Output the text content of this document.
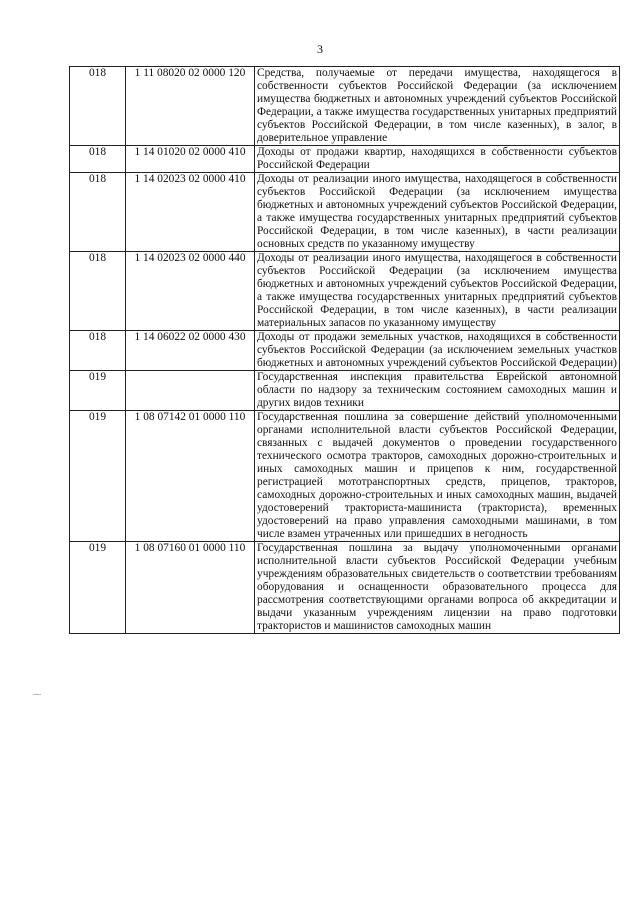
3
018	1 11 08020 02 0000 120	Средства, получаемые от передачи имущества, находящегося в собственности субъектов Российской Федерации (за исключением имущества бюджетных и автономных учреждений субъектов Российской Федерации, а также имущества государственных унитарных предприятий субъектов Российской Федерации, в том числе казенных), в залог, в доверительное управление
018	1 14 01020 02 0000 410	Доходы от продажи квартир, находящихся в собственности субъектов Российской Федерации
018	1 14 02023 02 0000 410	Доходы от реализации иного имущества, находящегося в собственности субъектов Российской Федерации (за исключением имущества бюджетных и автономных учреждений субъектов Российской Федерации, а также имущества государственных унитарных предприятий субъектов Российской Федерации, в том числе казенных), в части реализации основных средств по указанному имуществу
018	1 14 02023 02 0000 440	Доходы от реализации иного имущества, находящегося в собственности субъектов Российской Федерации (за исключением имущества бюджетных и автономных учреждений субъектов Российской Федерации, а также имущества государственных унитарных предприятий субъектов Российской Федерации, в том числе казенных), в части реализации материальных запасов по указанному имуществу
018	1 14 06022 02 0000 430	Доходы от продажи земельных участков, находящихся в собственности субъектов Российской Федерации (за исключением земельных участков бюджетных и автономных учреждений субъектов Российской Федерации)
019		Государственная инспекция правительства Еврейской автономной области по надзору за техническим состоянием самоходных машин и других видов техники
019	1 08 07142 01 0000 110	Государственная пошлина за совершение действий уполномоченными органами исполнительной власти субъектов Российской Федерации, связанных с выдачей документов о проведении государственного технического осмотра тракторов, самоходных дорожно-строительных и иных самоходных машин и прицепов к ним, государственной регистрацией мототранспортных средств, прицепов, тракторов, самоходных дорожно-строительных и иных самоходных машин, выдачей удостоверений тракториста-машиниста (тракториста), временных удостоверений на право управления самоходными машинами, в том числе взамен утраченных или пришедших в негодность
019	1 08 07160 01 0000 110	Государственная пошлина за выдачу уполномоченными органами исполнительной власти субъектов Российской Федерации учебным учреждениям образовательных свидетельств о соответствии требованиям оборудования и оснащенности образовательного процесса для рассмотрения соответствующими органами вопроса об аккредитации и выдачи указанным учреждениям лицензии на право подготовки трактористов и машинистов самоходных машин
